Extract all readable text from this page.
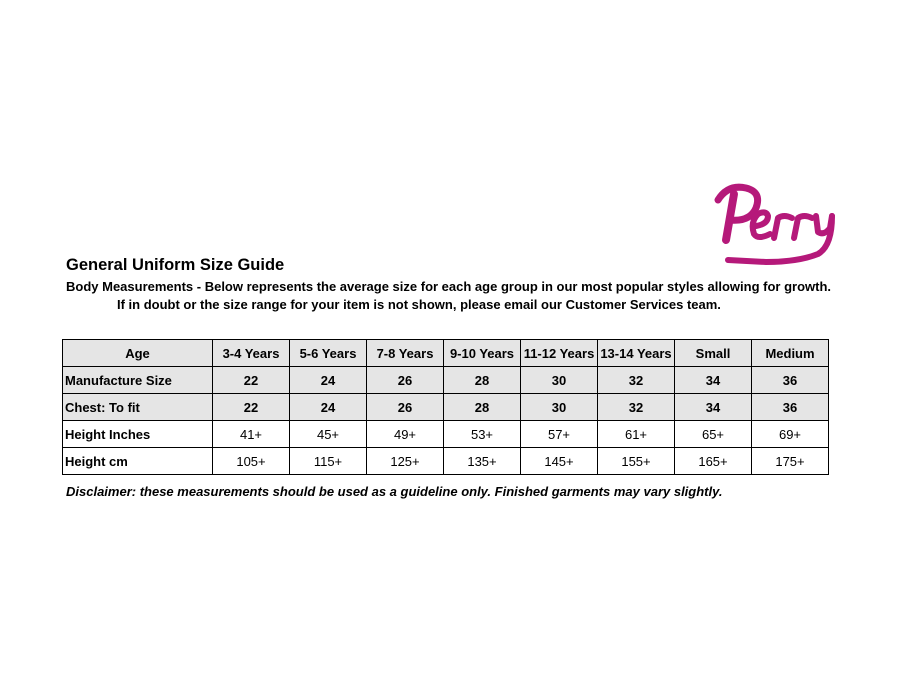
General Uniform Size Guide
Body Measurements - Below represents the average size for each age group in our most popular styles allowing for growth.
If in doubt or the size range for your item is not shown, please email our Customer Services team.
Age	3-4 Years	5-6 Years	7-8 Years	9-10 Years	11-12 Years	13-14 Years	Small	Medium
Manufacture Size	22	24	26	28	30	32	34	36
Chest: To fit	22	24	26	28	30	32	34	36
Height Inches	41+	45+	49+	53+	57+	61+	65+	69+
Height cm	105+	115+	125+	135+	145+	155+	165+	175+
Disclaimer: these measurements should be used as a guideline only. Finished garments may vary slightly.
